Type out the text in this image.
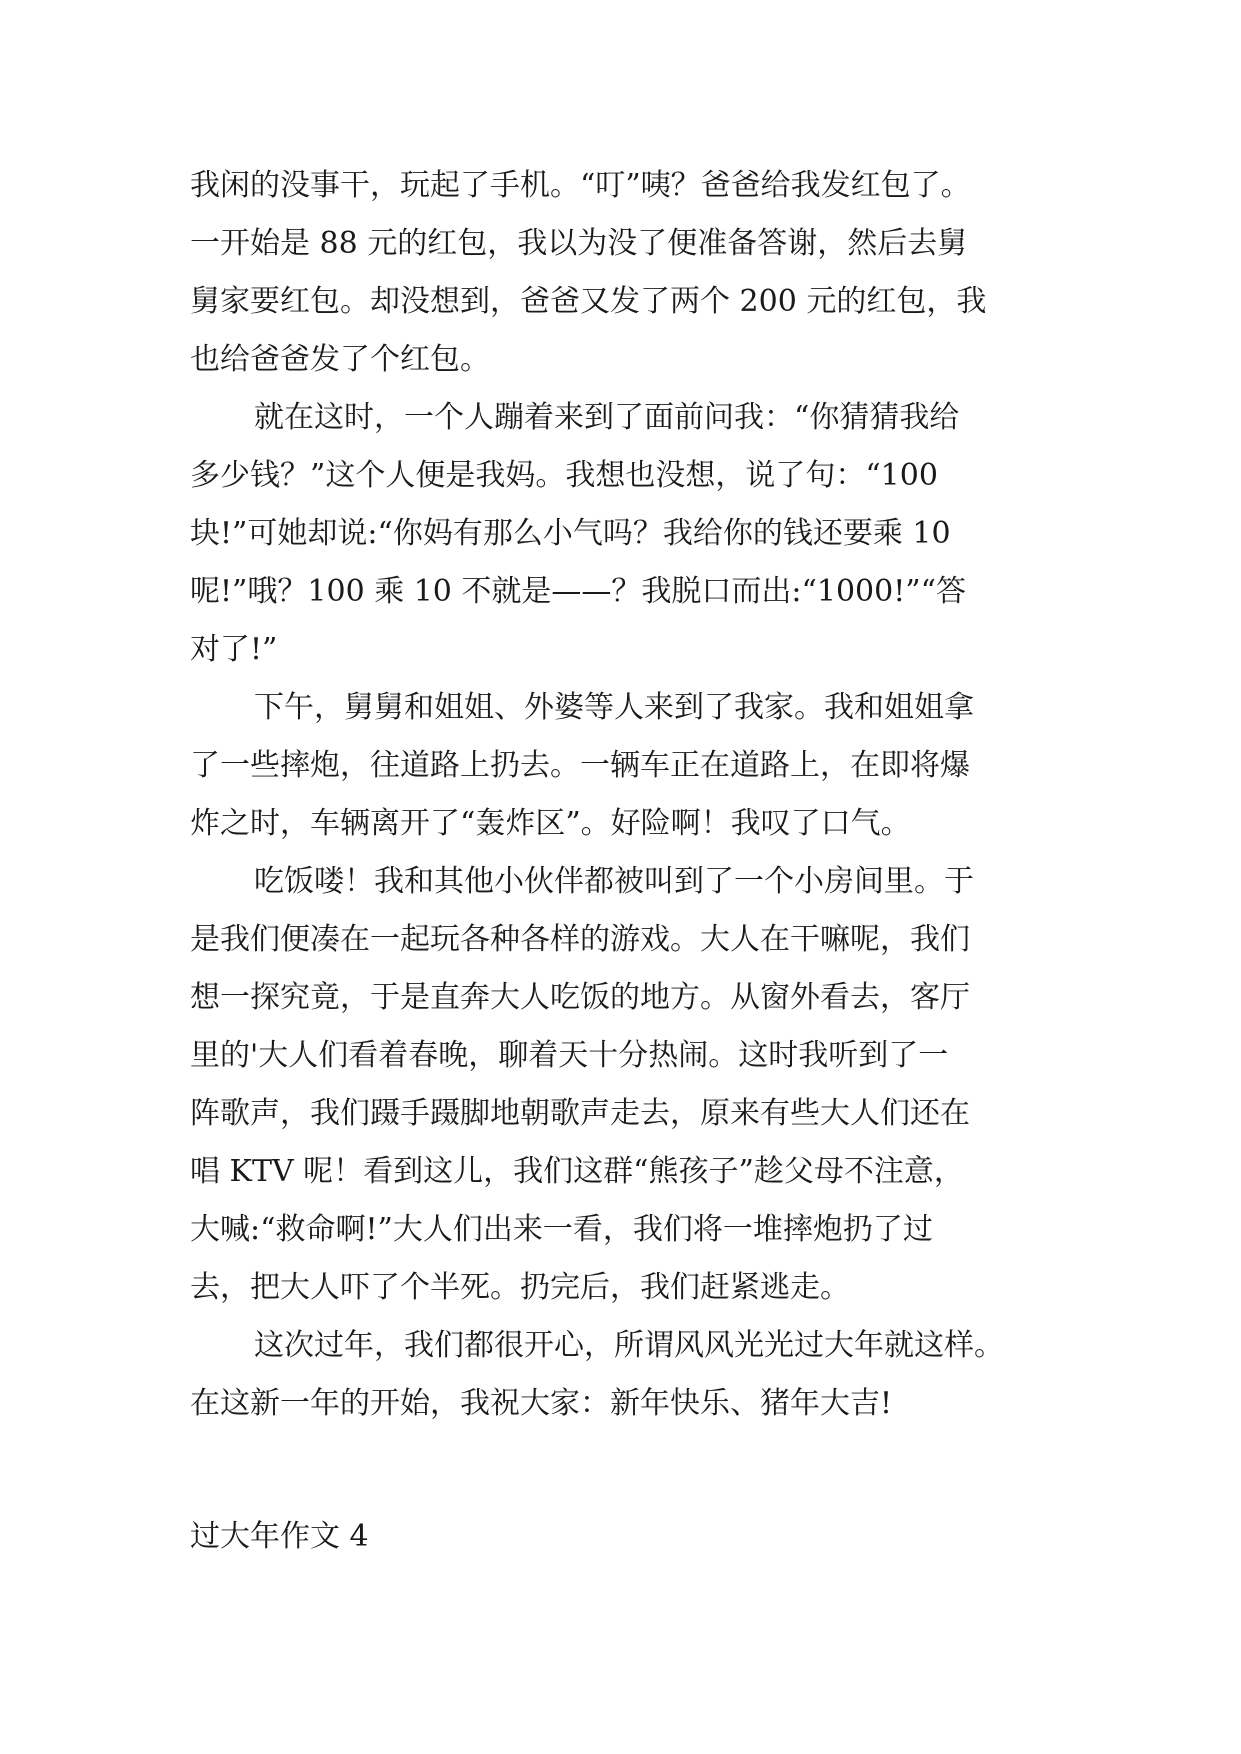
我闲的没事干，玩起了手机。“叮”咦？爸爸给我发红包了。
一开始是 88 元的红包，我以为没了便准备答谢，然后去舅
舅家要红包。却没想到，爸爸又发了两个 200 元的红包，我
也给爸爸发了个红包。
就在这时，一个人蹦着来到了面前问我：“你猜猜我给
多少钱？”这个人便是我妈。我想也没想，说了句：“100
块!”可她却说:“你妈有那么小气吗？我给你的钱还要乘 10
呢!”哦？100 乘 10 不就是——？我脱口而出:“1000!”“答
对了!”
下午，舅舅和姐姐、外婆等人来到了我家。我和姐姐拿
了一些摔炮，往道路上扔去。一辆车正在道路上，在即将爆
炸之时，车辆离开了“轰炸区”。好险啊！我叹了口气。
吃饭喽！我和其他小伙伴都被叫到了一个小房间里。于
是我们便凑在一起玩各种各样的游戏。大人在干嘛呢，我们
想一探究竟，于是直奔大人吃饭的地方。从窗外看去，客厅
里的'大人们看着春晚，聊着天十分热闹。这时我听到了一
阵歌声，我们蹑手蹑脚地朝歌声走去，原来有些大人们还在
唱 KTV 呢！看到这儿，我们这群“熊孩子”趁父母不注意，
大喊:“救命啊!”大人们出来一看，我们将一堆摔炮扔了过
去，把大人吓了个半死。扔完后，我们赶紧逃走。
这次过年，我们都很开心，所谓风风光光过大年就这样。
在这新一年的开始，我祝大家：新年快乐、猪年大吉!
过大年作文 4
